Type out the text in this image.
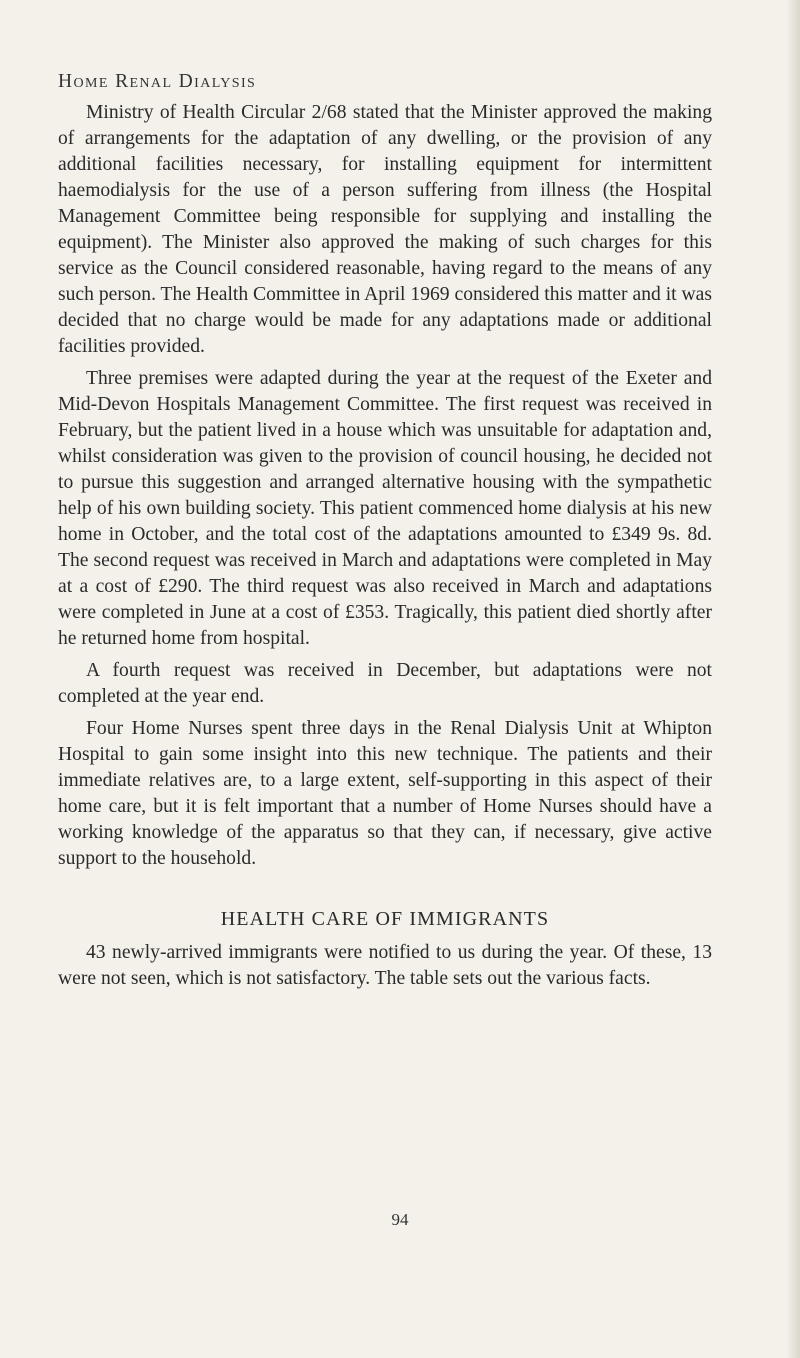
Home Renal Dialysis

Ministry of Health Circular 2/68 stated that the Minister approved the making of arrangements for the adaptation of any dwelling, or the provision of any additional facilities necessary, for installing equipment for intermittent haemodialysis for the use of a person suffering from illness (the Hospital Management Committee being responsible for supplying and installing the equipment). The Minister also approved the making of such charges for this service as the Council considered reasonable, having regard to the means of any such person. The Health Committee in April 1969 considered this matter and it was decided that no charge would be made for any adaptations made or additional facilities provided.

Three premises were adapted during the year at the request of the Exeter and Mid-Devon Hospitals Management Committee. The first request was received in February, but the patient lived in a house which was unsuitable for adaptation and, whilst consideration was given to the provision of council housing, he decided not to pursue this suggestion and arranged alternative housing with the sympathetic help of his own building society. This patient commenced home dialysis at his new home in October, and the total cost of the adaptations amounted to £349 9s. 8d. The second request was received in March and adaptations were completed in May at a cost of £290. The third request was also received in March and adaptations were completed in June at a cost of £353. Tragically, this patient died shortly after he returned home from hospital.

A fourth request was received in December, but adaptations were not completed at the year end.

Four Home Nurses spent three days in the Renal Dialysis Unit at Whipton Hospital to gain some insight into this new technique. The patients and their immediate relatives are, to a large extent, self-supporting in this aspect of their home care, but it is felt important that a number of Home Nurses should have a working knowledge of the apparatus so that they can, if necessary, give active support to the household.

HEALTH CARE OF IMMIGRANTS

43 newly-arrived immigrants were notified to us during the year. Of these, 13 were not seen, which is not satisfactory. The table sets out the various facts.

94
